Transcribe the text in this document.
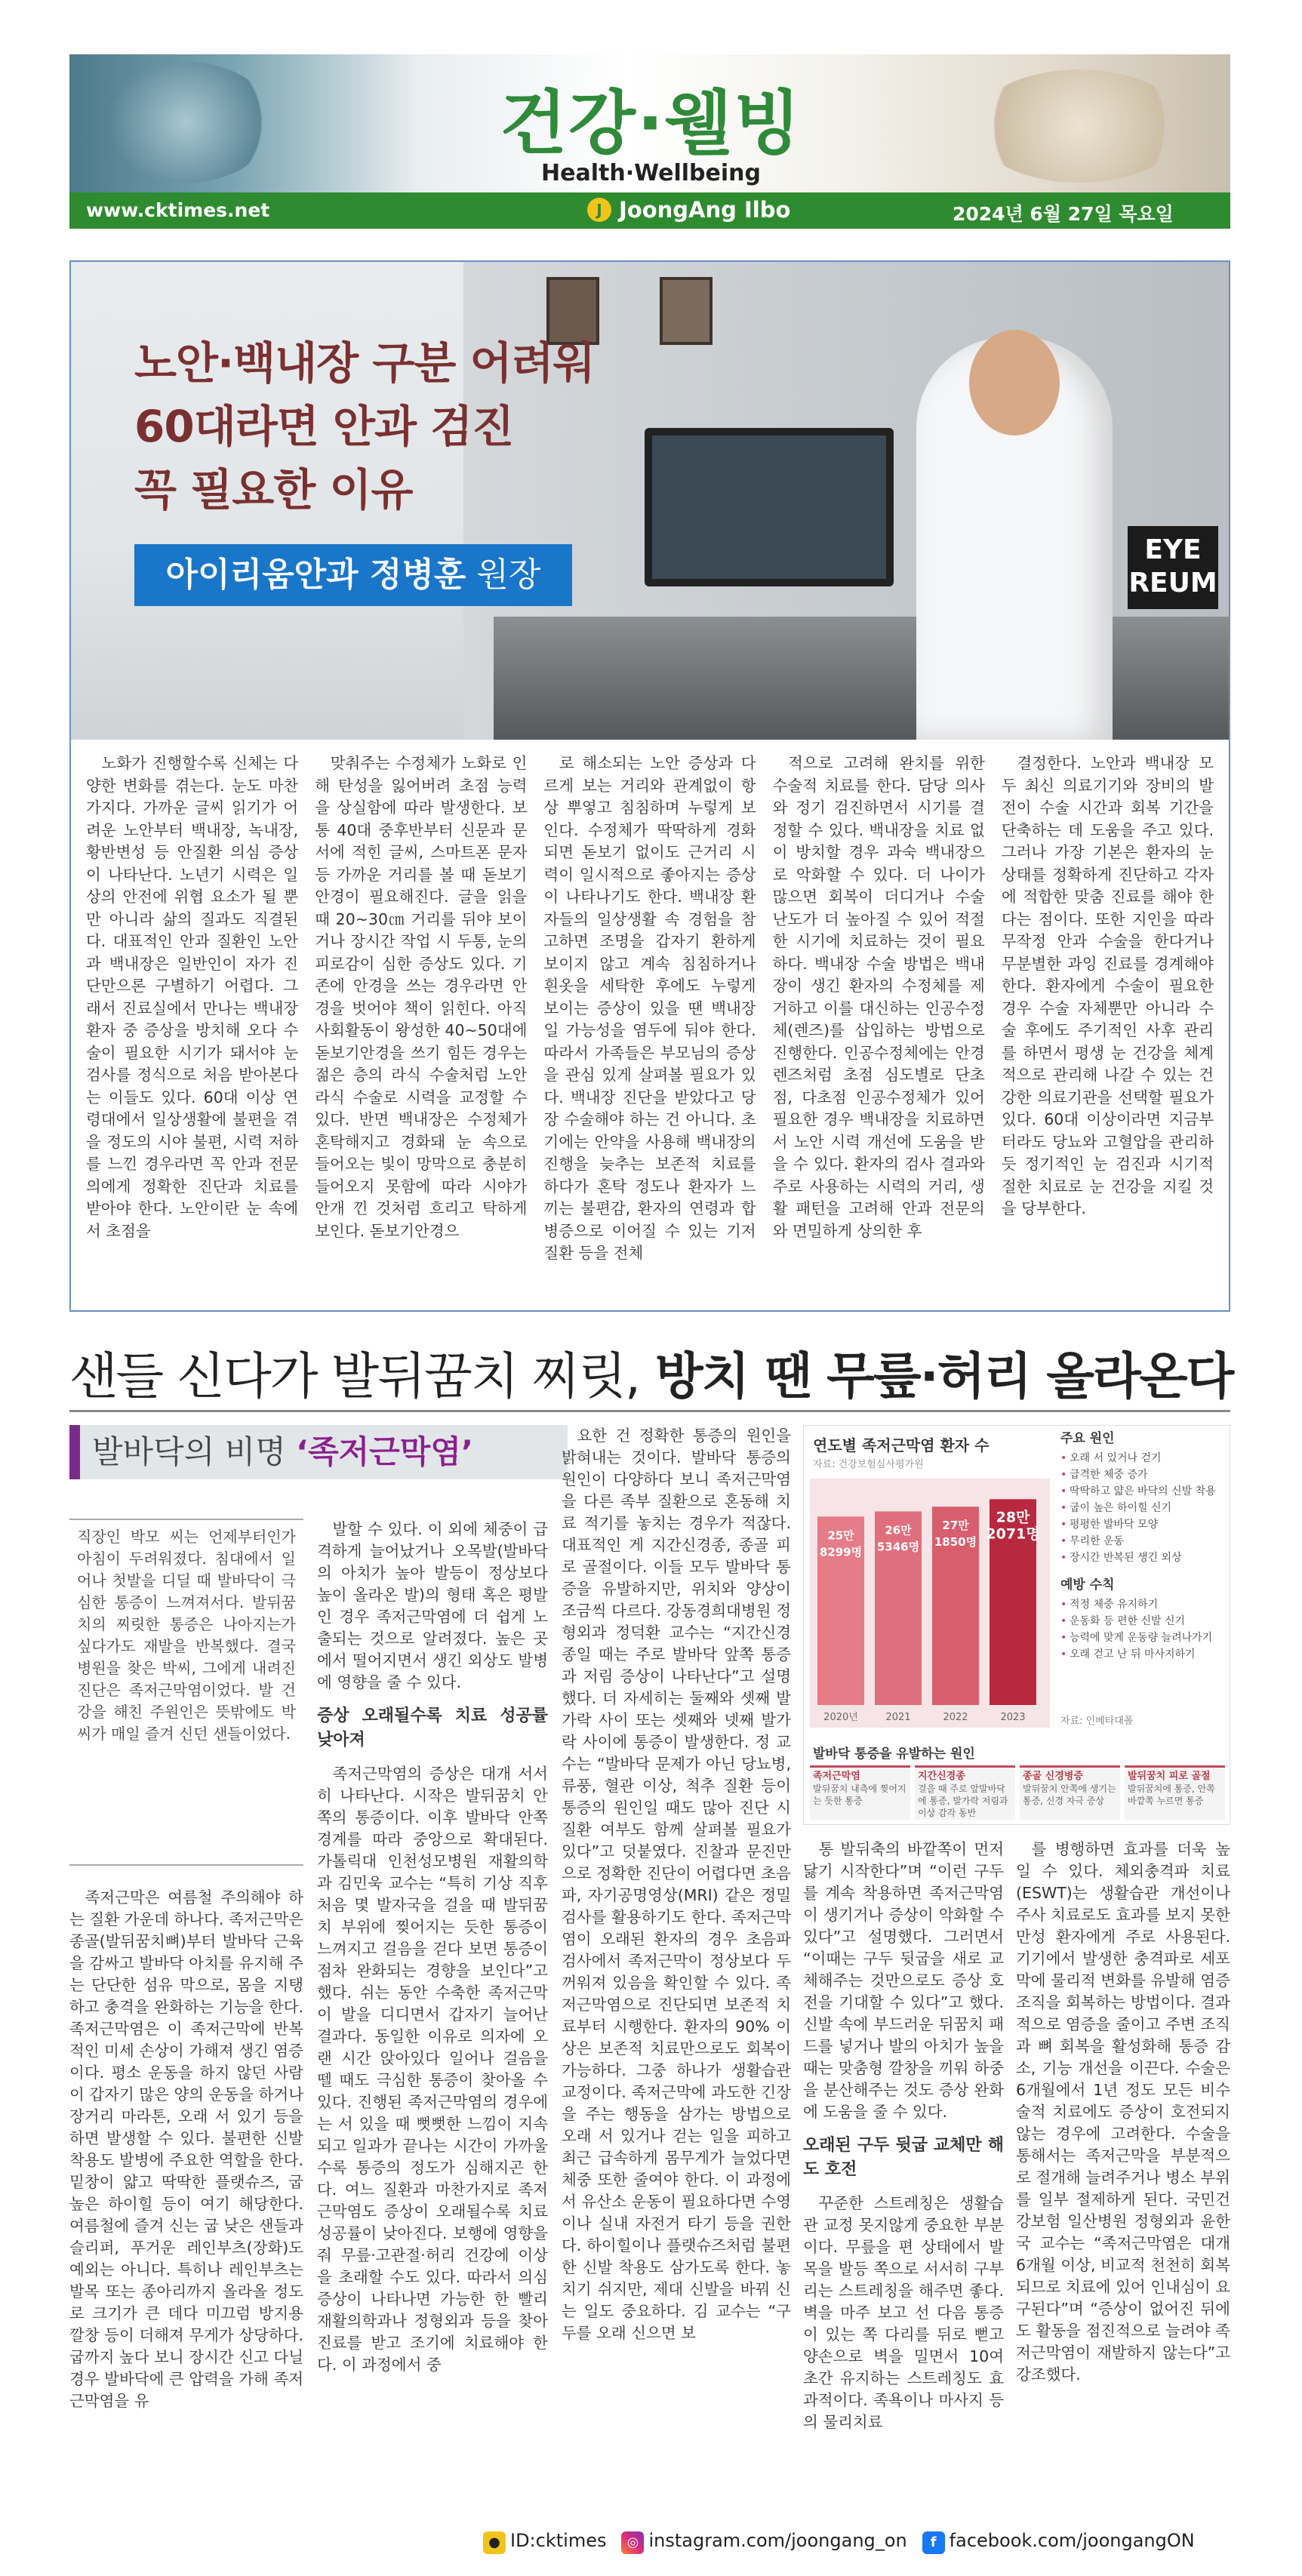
건강·웰빙
Health·Wellbeing
www.cktimes.net	J JoongAng Ilbo	2024년 6월 27일 목요일	7
EYE REUM
노안·백내장 구분 어려워
60대라면 안과 검진
꼭 필요한 이유
아이리움안과 정병훈 원장

노화가 진행할수록 신체는 다양한 변화를 겪는다. 눈도 마찬가지다. 가까운 글씨 읽기가 어려운 노안부터 백내장, 녹내장, 황반변성 등 안질환 의심 증상이 나타난다. 노년기 시력은 일상의 안전에 위협 요소가 될 뿐만 아니라 삶의 질과도 직결된다. 대표적인 안과 질환인 노안과 백내장은 일반인이 자가 진단만으론 구별하기 어렵다. 그래서 진료실에서 만나는 백내장 환자 중 증상을 방치해 오다 수술이 필요한 시기가 돼서야 눈 검사를 정식으로 처음 받아본다는 이들도 있다. 60대 이상 연령대에서 일상생활에 불편을 겪을 정도의 시야 불편, 시력 저하를 느낀 경우라면 꼭 안과 전문의에게 정확한 진단과 치료를 받아야 한다. 노안이란 눈 속에서 초점을

맞춰주는 수정체가 노화로 인해 탄성을 잃어버려 초점 능력을 상실함에 따라 발생한다. 보통 40대 중후반부터 신문과 문서에 적힌 글씨, 스마트폰 문자 등 가까운 거리를 볼 때 돋보기안경이 필요해진다. 글을 읽을 때 20~30㎝ 거리를 뒤야 보이거나 장시간 작업 시 두통, 눈의 피로감이 심한 증상도 있다. 기존에 안경을 쓰는 경우라면 안경을 벗어야 책이 읽힌다. 아직 사회활동이 왕성한 40~50대에 돋보기안경을 쓰기 힘든 경우는 젊은 층의 라식 수술처럼 노안 라식 수술로 시력을 교정할 수 있다. 반면 백내장은 수정체가 혼탁해지고 경화돼 눈 속으로 들어오는 빛이 망막으로 충분히 들어오지 못함에 따라 시야가 안개 낀 것처럼 흐리고 탁하게 보인다. 돋보기안경으

로 해소되는 노안 증상과 다르게 보는 거리와 관계없이 항상 뿌옇고 침침하며 누렇게 보인다. 수정체가 딱딱하게 경화되면 돋보기 없이도 근거리 시력이 일시적으로 좋아지는 증상이 나타나기도 한다. 백내장 환자들의 일상생활 속 경험을 참고하면 조명을 갑자기 환하게 보이지 않고 계속 침침하거나 흰옷을 세탁한 후에도 누렇게 보이는 증상이 있을 땐 백내장일 가능성을 염두에 둬야 한다. 따라서 가족들은 부모님의 증상을 관심 있게 살펴볼 필요가 있다. 백내장 진단을 받았다고 당장 수술해야 하는 건 아니다. 초기에는 안약을 사용해 백내장의 진행을 늦추는 보존적 치료를 하다가 혼탁 정도나 환자가 느끼는 불편감, 환자의 연령과 합병증으로 이어질 수 있는 기저 질환 등을 전체

적으로 고려해 완치를 위한 수술적 치료를 한다. 담당 의사와 정기 검진하면서 시기를 결정할 수 있다. 백내장을 치료 없이 방치할 경우 과숙 백내장으로 악화할 수 있다. 더 나이가 많으면 회복이 더디거나 수술 난도가 더 높아질 수 있어 적절한 시기에 치료하는 것이 필요하다. 백내장 수술 방법은 백내장이 생긴 환자의 수정체를 제거하고 이를 대신하는 인공수정체(렌즈)를 삽입하는 방법으로 진행한다. 인공수정체에는 안경 렌즈처럼 초점 심도별로 단초점, 다초점 인공수정체가 있어 필요한 경우 백내장을 치료하면서 노안 시력 개선에 도움을 받을 수 있다. 환자의 검사 결과와 주로 사용하는 시력의 거리, 생활 패턴을 고려해 안과 전문의와 면밀하게 상의한 후

결정한다. 노안과 백내장 모두 최신 의료기기와 장비의 발전이 수술 시간과 회복 기간을 단축하는 데 도움을 주고 있다. 그러나 가장 기본은 환자의 눈 상태를 정확하게 진단하고 각자에 적합한 맞춤 진료를 해야 한다는 점이다. 또한 지인을 따라 무작정 안과 수술을 한다거나 무분별한 과잉 진료를 경계해야 한다. 환자에게 수술이 필요한 경우 수술 자체뿐만 아니라 수술 후에도 주기적인 사후 관리를 하면서 평생 눈 건강을 체계적으로 관리해 나갈 수 있는 건강한 의료기관을 선택할 필요가 있다. 60대 이상이라면 지금부터라도 당뇨와 고혈압을 관리하듯 정기적인 눈 검진과 시기적절한 치료로 눈 건강을 지킬 것을 당부한다.

샌들 신다가 발뒤꿈치 찌릿, 방치 땐 무릎·허리 올라온다
발바닥의 비명 ‘족저근막염’
직장인 박모 씨는 언제부터인가 아침이 두려워졌다. 침대에서 일어나 첫발을 디딜 때 발바닥이 극심한 통증이 느껴져서다. 발뒤꿈치의 찌릿한 통증은 나아지는가 싶다가도 재발을 반복했다. 결국 병원을 찾은 박씨, 그에게 내려진 진단은 족저근막염이었다. 발 건강을 해친 주원인은 뜻밖에도 박씨가 매일 즐겨 신던 샌들이었다.

족저근막은 여름철 주의해야 하는 질환 가운데 하나다. 족저근막은 종골(발뒤꿈치뼈)부터 발바닥 근육을 감싸고 발바닥 아치를 유지해 주는 단단한 섬유 막으로, 몸을 지탱하고 충격을 완화하는 기능을 한다. 족저근막염은 이 족저근막에 반복적인 미세 손상이 가해져 생긴 염증이다. 평소 운동을 하지 않던 사람이 갑자기 많은 양의 운동을 하거나 장거리 마라톤, 오래 서 있기 등을 하면 발생할 수 있다. 불편한 신발 착용도 발병에 주요한 역할을 한다. 밑창이 얇고 딱딱한 플랫슈즈, 굽 높은 하이힐 등이 여기 해당한다. 여름철에 즐겨 신는 굽 낮은 샌들과 슬리퍼, 푸거운 레인부츠(장화)도 예외는 아니다. 특히나 레인부츠는 발목 또는 종아리까지 올라올 정도로 크기가 큰 데다 미끄럼 방지용 깔창 등이 더해져 무게가 상당하다. 굽까지 높다 보니 장시간 신고 다닐 경우 발바닥에 큰 압력을 가해 족저근막염을 유

발할 수 있다. 이 외에 체중이 급격하게 늘어났거나 오목발(발바닥의 아치가 높아 발등이 정상보다 높이 올라온 발)의 형태 혹은 평발인 경우 족저근막염에 더 쉽게 노출되는 것으로 알려졌다. 높은 곳에서 떨어지면서 생긴 외상도 발병에 영향을 줄 수 있다.

증상 오래될수록 치료 성공률 낮아져

족저근막염의 증상은 대개 서서히 나타난다. 시작은 발뒤꿈치 안쪽의 통증이다. 이후 발바닥 안쪽 경계를 따라 중앙으로 확대된다. 가톨릭대 인천성모병원 재활의학과 김민욱 교수는 “특히 기상 직후 처음 몇 발자국을 걸을 때 발뒤꿈치 부위에 찢어지는 듯한 통증이 느껴지고 걸음을 걷다 보면 통증이 점차 완화되는 경향을 보인다”고 했다. 쉬는 동안 수축한 족저근막이 발을 디디면서 갑자기 늘어난 결과다. 동일한 이유로 의자에 오랜 시간 앉아있다 일어나 걸음을 뗄 때도 극심한 통증이 찾아올 수 있다. 진행된 족저근막염의 경우에는 서 있을 때 뻣뻣한 느낌이 지속되고 일과가 끝나는 시간이 가까울수록 통증의 정도가 심해지곤 한다. 여느 질환과 마찬가지로 족저근막염도 증상이 오래될수록 치료 성공률이 낮아진다. 보행에 영향을 줘 무릎·고관절·허리 건강에 이상을 초래할 수도 있다. 따라서 의심 증상이 나타나면 가능한 한 빨리 재활의학과나 정형외과 등을 찾아 진료를 받고 조기에 치료해야 한다. 이 과정에서 중

요한 건 정확한 통증의 원인을 밝혀내는 것이다. 발바닥 통증의 원인이 다양하다 보니 족저근막염을 다른 족부 질환으로 혼동해 치료 적기를 놓치는 경우가 적잖다. 대표적인 게 지간신경종, 종골 피로 골절이다. 이들 모두 발바닥 통증을 유발하지만, 위치와 양상이 조금씩 다르다. 강동경희대병원 정형외과 정덕환 교수는 “지간신경종일 때는 주로 발바닥 앞쪽 통증과 저림 증상이 나타난다”고 설명했다. 더 자세히는 둘째와 셋째 발가락 사이 또는 셋째와 넷째 발가락 사이에 통증이 발생한다. 정 교수는 “발바닥 문제가 아닌 당뇨병, 류풍, 혈관 이상, 척추 질환 등이 통증의 원인일 때도 많아 진단 시 질환 여부도 함께 살펴볼 필요가 있다”고 덧붙였다. 진찰과 문진만으로 정확한 진단이 어렵다면 초음파, 자기공명영상(MRI) 같은 정밀 검사를 활용하기도 한다. 족저근막염이 오래된 환자의 경우 초음파 검사에서 족저근막이 정상보다 두꺼워져 있음을 확인할 수 있다. 족저근막염으로 진단되면 보존적 치료부터 시행한다. 환자의 90% 이상은 보존적 치료만으로도 회복이 가능하다. 그중 하나가 생활습관 교정이다. 족저근막에 과도한 긴장을 주는 행동을 삼가는 방법으로 오래 서 있거나 걷는 일을 피하고 최근 급속하게 몸무게가 늘었다면 체중 또한 줄여야 한다. 이 과정에서 유산소 운동이 필요하다면 수영이나 실내 자전거 타기 등을 권한다. 하이힐이나 플랫슈즈처럼 불편한 신발 착용도 삼가도록 한다. 놓치기 쉬지만, 제대 신발을 바꿔 신는 일도 중요하다. 김 교수는 “구두를 오래 신으면 보

통 발뒤축의 바깥쪽이 먼저 닳기 시작한다”며 “이런 구두를 계속 착용하면 족저근막염이 생기거나 증상이 악화할 수 있다”고 설명했다. 그러면서 “이때는 구두 뒷굽을 새로 교체해주는 것만으로도 증상 호전을 기대할 수 있다”고 했다. 신발 속에 부드러운 뒤꿈치 패드를 넣거나 발의 아치가 높을 때는 맞춤형 깔창을 끼워 하중을 분산해주는 것도 증상 완화에 도움을 줄 수 있다.

오래된 구두 뒷굽 교체만 해도 호전

꾸준한 스트레칭은 생활습관 교정 못지않게 중요한 부분이다. 무릎을 편 상태에서 발목을 발등 쪽으로 서서히 구부리는 스트레칭을 해주면 좋다. 벽을 마주 보고 선 다음 통증이 있는 쪽 다리를 뒤로 뻗고 양손으로 벽을 밀면서 10여 초간 유지하는 스트레칭도 효과적이다. 족욕이나 마사지 등의 물리치료

를 병행하면 효과를 더욱 높일 수 있다. 체외충격파 치료(ESWT)는 생활습관 개선이나 주사 치료로도 효과를 보지 못한 만성 환자에게 주로 사용된다. 기기에서 발생한 충격파로 세포막에 물리적 변화를 유발해 염증 조직을 회복하는 방법이다. 결과적으로 염증을 줄이고 주변 조직과 뼈 회복을 활성화해 통증 감소, 기능 개선을 이끈다. 수술은 6개월에서 1년 정도 모든 비수술적 치료에도 증상이 호전되지 않는 경우에 고려한다. 수술을 통해서는 족저근막을 부분적으로 절개해 늘려주거나 병소 부위를 일부 절제하게 된다. 국민건강보험 일산병원 정형외과 윤한국 교수는 “족저근막염은 대개 6개월 이상, 비교적 천천히 회복되므로 치료에 있어 인내심이 요구된다”며 “증상이 없어진 뒤에도 활동을 점진적으로 늘려야 족저근막염이 재발하지 않는다”고 강조했다.

연도별 족저근막염 환자 수
자료: 건강보험심사평가원
25만
8299명
2020년
26만
5346명
2021
27만
1850명
2022
28만
2071명
2023
주요 원인
• 오래 서 있거나 걷기
• 급격한 체중 증가
• 딱딱하고 얇은 바닥의 신발 착용
• 굽이 높은 하이힐 신기
• 평평한 발바닥 모양
• 무리한 운동
• 장시간 반복된 생긴 외상
예방 수칙
• 적정 체중 유지하기
• 운동화 등 편한 신발 신기
• 능력에 맞게 운동량 늘려나가기
• 오래 걷고 난 뒤 마사지하기
자료: 인베타대폴
발바닥 통증을 유발하는 원인
족저근막염
발뒤꿈치 내측에 찢어지는 듯한 통증
지간신경종
걸을 때 주로 앞발바닥에 통증, 발가락 저림과 이상 감각 동반
종골 신경병증
발뒤꿈치 안쪽에 생기는 통증, 신경 자극 증상
발뒤꿈치 피로 골절
발뒤꿈치에 통증, 안쪽 바깥쪽 누르면 통증
● ID:cktimes	◎ instagram.com/joongang_on	f facebook.com/joongangON
